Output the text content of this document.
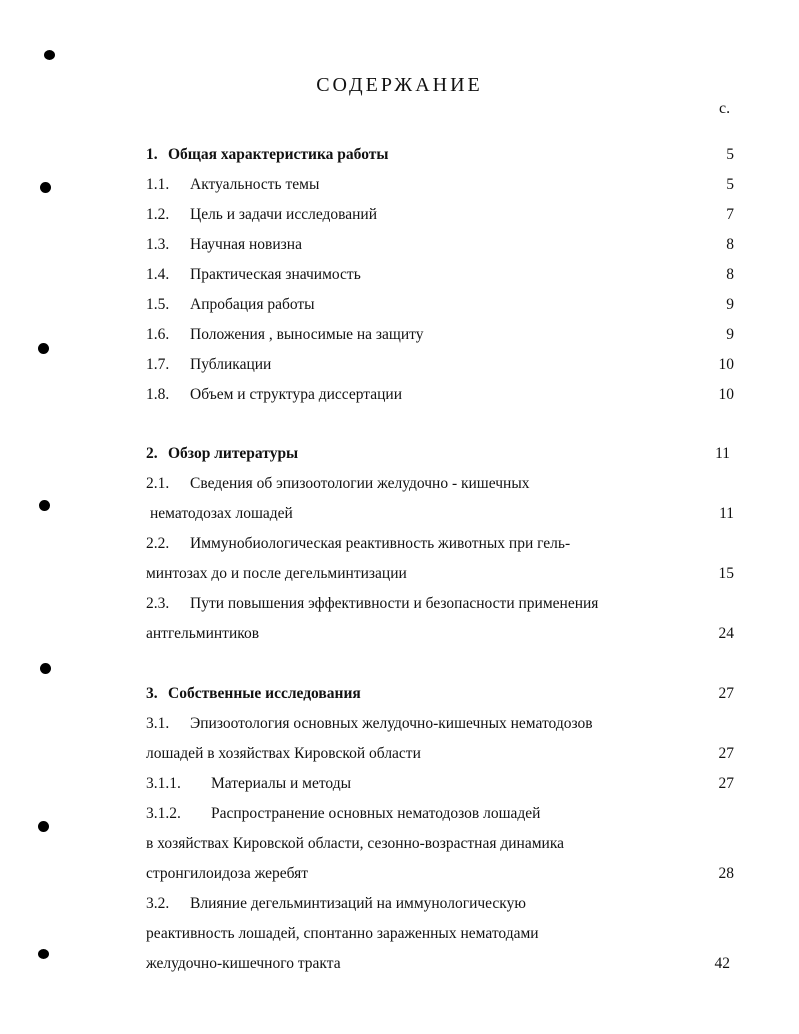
СОДЕРЖАНИЕ
с.
1. Общая характеристика работы	5
1.1. Актуальность темы	5
1.2. Цель и задачи исследований	7
1.3. Научная новизна	8
1.4. Практическая значимость	8
1.5. Апробация работы	9
1.6. Положения , выносимые на защиту	9
1.7. Публикации	10
1.8. Объем и структура диссертации	10
2. Обзор литературы	11
2.1. Сведения об эпизоотологии желудочно - кишечных
нематодозах лошадей	11
2.2. Иммунобиологическая реактивность животных при гель-
минтозах до и после дегельминтизации	15
2.3. Пути повышения эффективности и безопасности применения
антгельминтиков	24
3. Собственные исследования	27
3.1. Эпизоотология основных желудочно-кишечных нематодозов
лошадей в хозяйствах Кировской области	27
3.1.1. Материалы и методы	27
3.1.2. Распространение основных нематодозов лошадей
в хозяйствах Кировской области, сезонно-возрастная динамика
стронгилоидоза жеребят	28
3.2. Влияние дегельминтизаций на иммунологическую
реактивность лошадей, спонтанно зараженных нематодами
желудочно-кишечного тракта	42
